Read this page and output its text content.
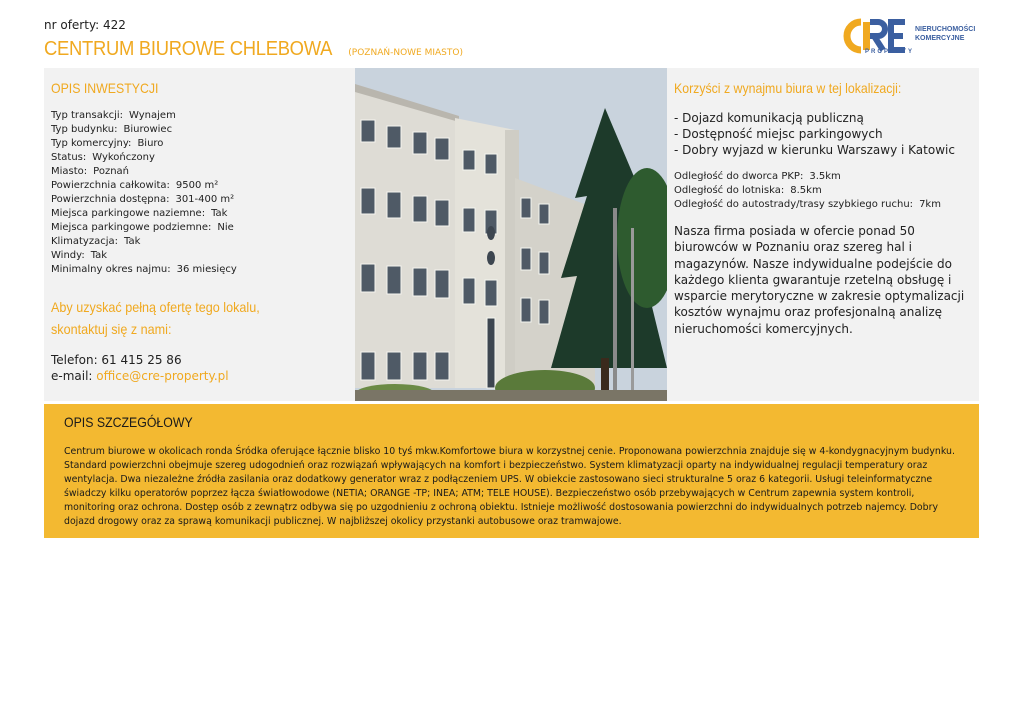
nr oferty: 422
CENTRUM BIUROWE CHLEBOWA (POZNAŃ-NOWE MIASTO)
NIERUCHOMOŚCI
KOMERCYJNE
PROPERTY
OPIS INWESTYCJI
Typ transakcji: Wynajem
Typ budynku: Biurowiec
Typ komercyjny: Biuro
Status: Wykończony
Miasto: Poznań
Powierzchnia całkowita: 9500 m²
Powierzchnia dostępna: 301-400 m²
Miejsca parkingowe naziemne: Tak
Miejsca parkingowe podziemne: Nie
Klimatyzacja: Tak
Windy: Tak
Minimalny okres najmu: 36 miesięcy
Aby uzyskać pełną ofertę tego lokalu,
skontaktuj się z nami:
Telefon: 61 415 25 86
e-mail: office@cre-property.pl
Korzyści z wynajmu biura w tej lokalizacji:
- Dojazd komunikacją publiczną
- Dostępność miejsc parkingowych
- Dobry wyjazd w kierunku Warszawy i Katowic
Odległość do dworca PKP: 3.5km
Odległość do lotniska: 8.5km
Odległość do autostrady/trasy szybkiego ruchu: 7km
Nasza firma posiada w ofercie ponad 50 biurowców w Poznaniu oraz szereg hal i magazynów. Nasze indywidualne podejście do każdego klienta gwarantuje rzetelną obsługę i wsparcie merytoryczne w zakresie optymalizacji kosztów wynajmu oraz profesjonalną analizę nieruchomości komercyjnych.
OPIS SZCZEGÓŁOWY
Centrum biurowe w okolicach ronda Śródka oferujące łącznie blisko 10 tyś mkw.Komfortowe biura w korzystnej cenie. Proponowana powierzchnia znajduje się w 4-kondygnacyjnym budynku. Standard powierzchni obejmuje szereg udogodnień oraz rozwiązań wpływających na komfort i bezpieczeństwo. System klimatyzacji oparty na indywidualnej regulacji temperatury oraz wentylacja. Dwa niezależne źródła zasilania oraz dodatkowy generator wraz z podłączeniem UPS. W obiekcie zastosowano sieci strukturalne 5 oraz 6 kategorii. Usługi teleinformatyczne świadczy kilku operatorów poprzez łącza światłowodowe (NETIA; ORANGE -TP; INEA; ATM; TELE HOUSE). Bezpieczeństwo osób przebywających w Centrum zapewnia system kontroli, monitoring oraz ochrona. Dostęp osób z zewnątrz odbywa się po uzgodnieniu z ochroną obiektu. Istnieje możliwość dostosowania powierzchni do indywidualnych potrzeb najemcy. Dobry dojazd drogowy oraz za sprawą komunikacji publicznej. W najbliższej okolicy przystanki autobusowe oraz tramwajowe.
